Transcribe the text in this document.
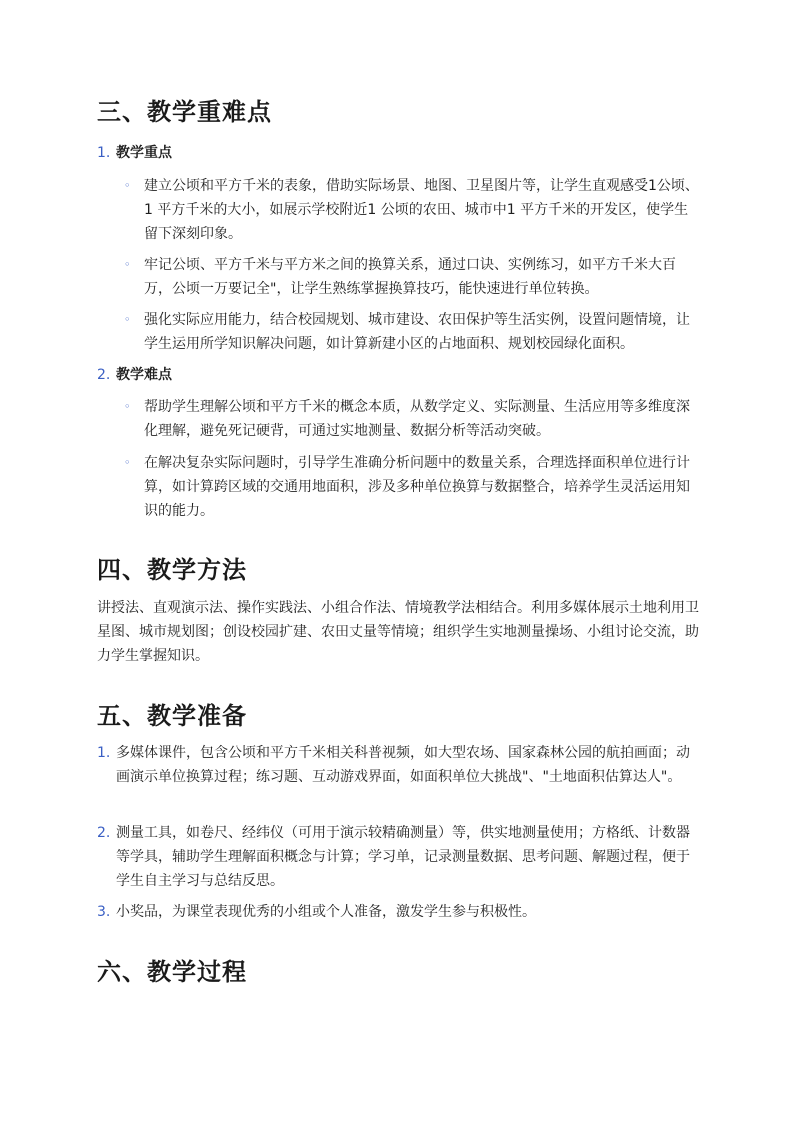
三、教学重难点
1. 教学重点
◦ 建立公顷和平方千米的表象，借助实际场景、地图、卫星图片等，让学生直观感受1公顷、1 平方千米的大小，如展示学校附近1 公顷的农田、城市中1 平方千米的开发区，使学生留下深刻印象。
◦ 牢记公顷、平方千米与平方米之间的换算关系，通过口诀、实例练习，如平方千米大百万，公顷一万要记全"，让学生熟练掌握换算技巧，能快速进行单位转换。
◦ 强化实际应用能力，结合校园规划、城市建设、农田保护等生活实例，设置问题情境，让学生运用所学知识解决问题，如计算新建小区的占地面积、规划校园绿化面积。
2. 教学难点
◦ 帮助学生理解公顷和平方千米的概念本质，从数学定义、实际测量、生活应用等多维度深化理解，避免死记硬背，可通过实地测量、数据分析等活动突破。
◦ 在解决复杂实际问题时，引导学生准确分析问题中的数量关系，合理选择面积单位进行计算，如计算跨区域的交通用地面积，涉及多种单位换算与数据整合，培养学生灵活运用知识的能力。
四、教学方法
讲授法、直观演示法、操作实践法、小组合作法、情境教学法相结合。利用多媒体展示土地利用卫星图、城市规划图；创设校园扩建、农田丈量等情境；组织学生实地测量操场、小组讨论交流，助力学生掌握知识。
五、教学准备
1. 多媒体课件，包含公顷和平方千米相关科普视频，如大型农场、国家森林公园的航拍画面；动画演示单位换算过程；练习题、互动游戏界面，如面积单位大挑战"、"土地面积估算达人"。
2. 测量工具，如卷尺、经纬仪（可用于演示较精确测量）等，供实地测量使用；方格纸、计数器等学具，辅助学生理解面积概念与计算；学习单，记录测量数据、思考问题、解题过程，便于学生自主学习与总结反思。
3. 小奖品，为课堂表现优秀的小组或个人准备，激发学生参与积极性。
六、教学过程
